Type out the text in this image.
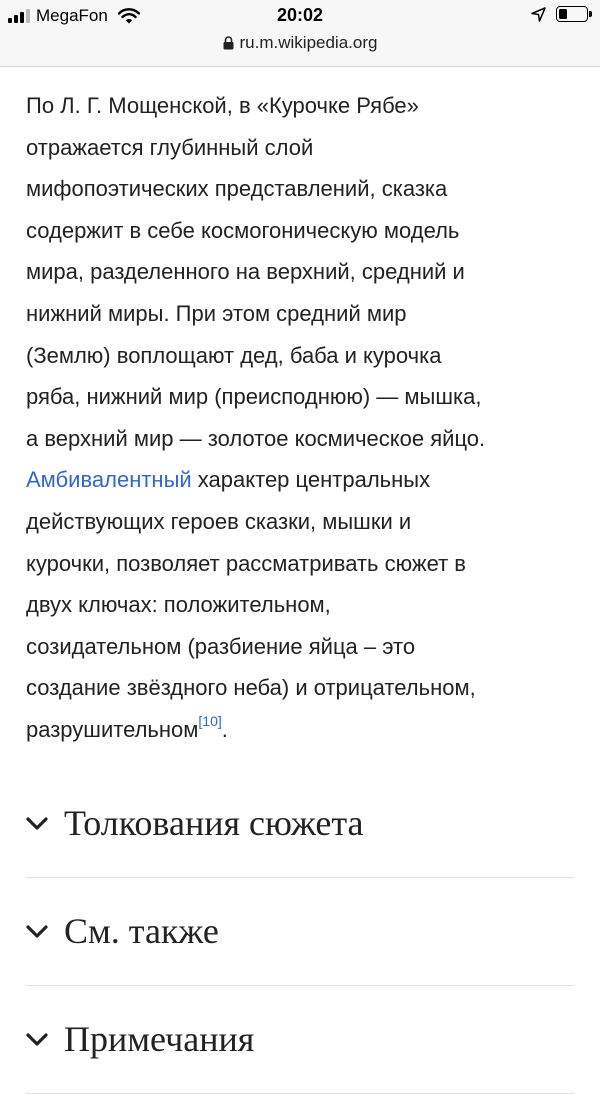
MegaFon	20:02
ru.m.wikipedia.org
По Л. Г. Мощенской, в «Курочке Рябе»
отражается глубинный слой
мифопоэтических представлений, сказка
содержит в себе космогоническую модель
мира, разделенного на верхний, средний и
нижний миры. При этом средний мир
(Землю) воплощают дед, баба и курочка
ряба, нижний мир (преисподнюю) — мышка,
а верхний мир — золотое космическое яйцо.
Амбивалентный характер центральных
действующих героев сказки, мышки и
курочки, позволяет рассматривать сюжет в
двух ключах: положительном,
созидательном (разбиение яйца – это
создание звёздного неба) и отрицательном,
разрушительном[10].
Толкования сюжета
См. также
Примечания
